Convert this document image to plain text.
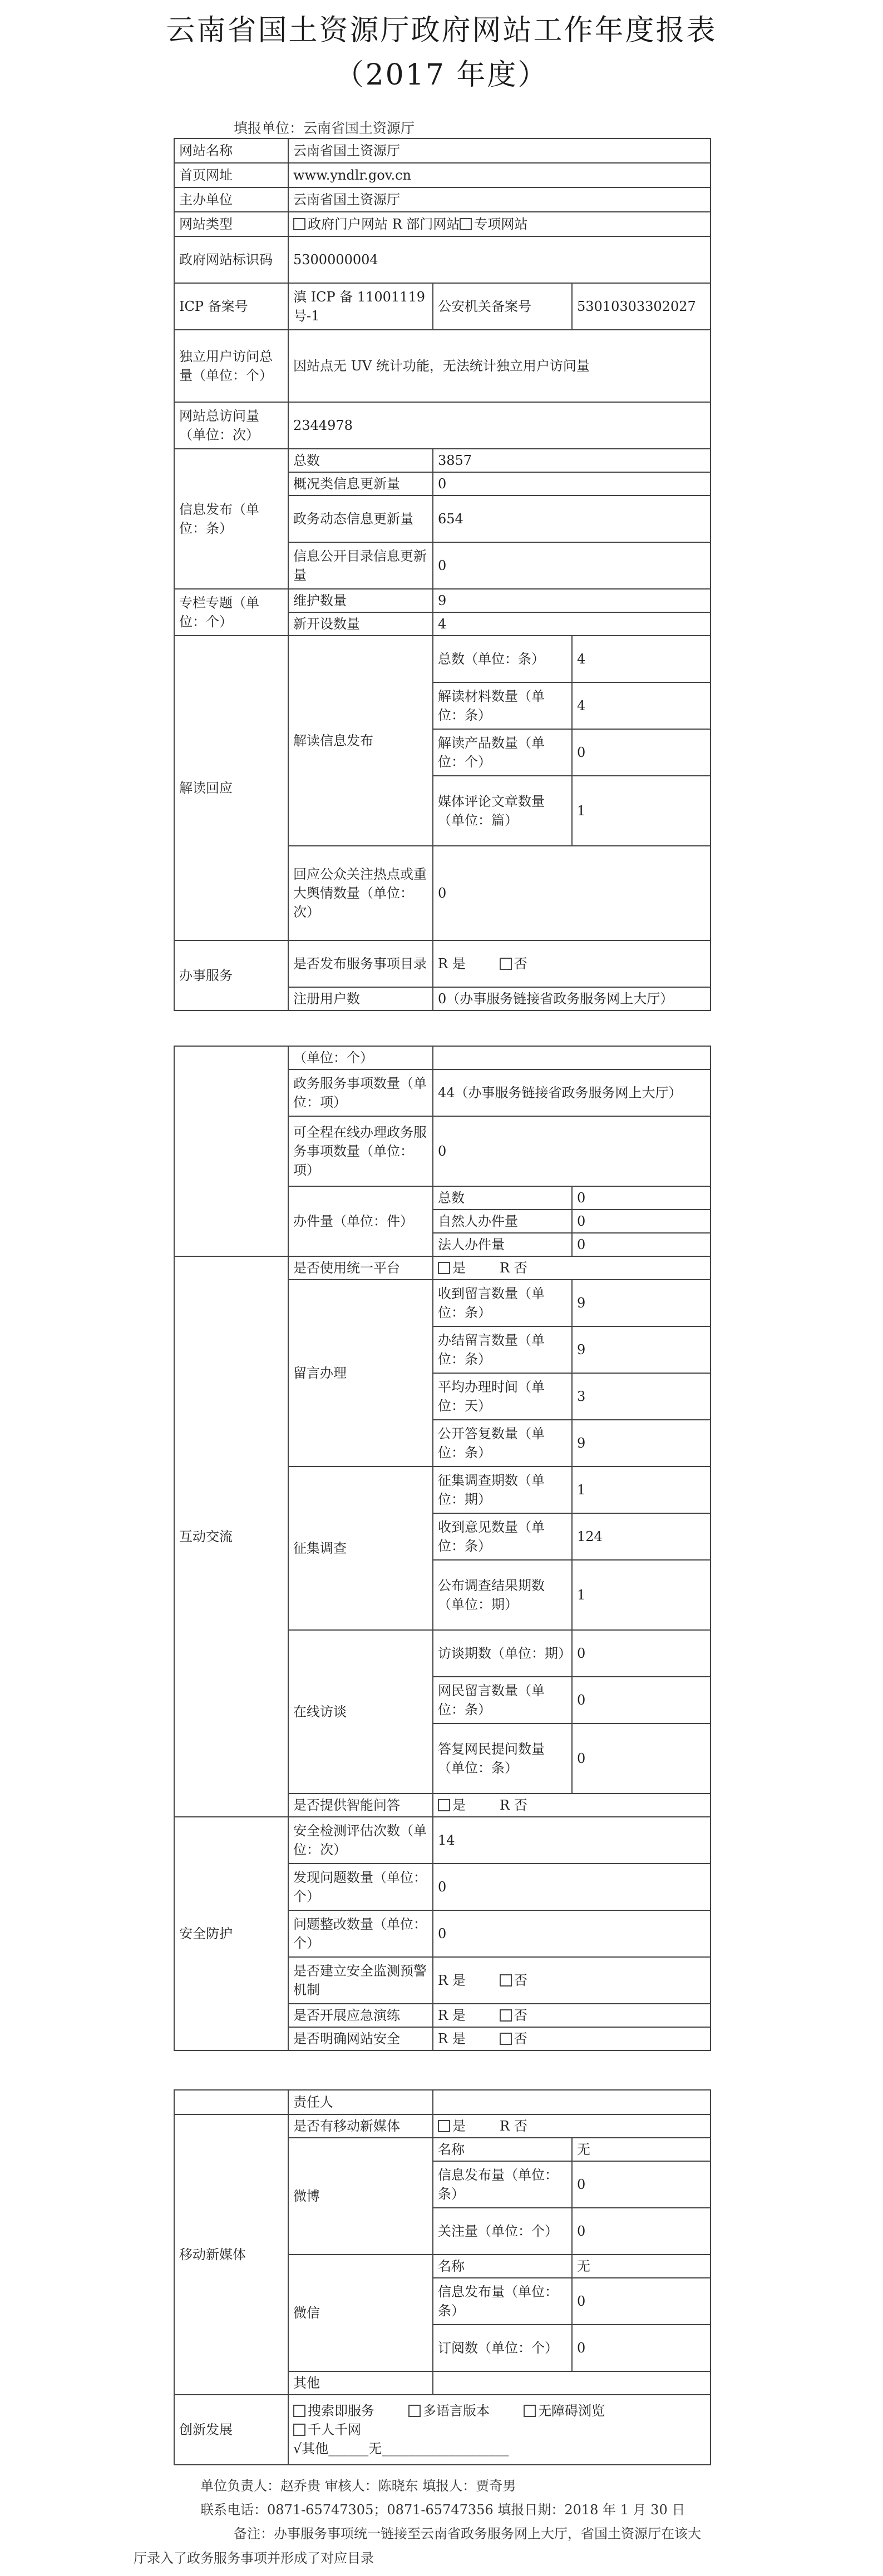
云南省国土资源厅政府网站工作年度报表
（2017 年度）
填报单位：云南省国土资源厅
网站名称	云南省国土资源厅		
首页网址	www.yndlr.gov.cn		
主办单位	云南省国土资源厅		
网站类型	政府门户网站 R 部门网站 专项网站		
政府网站标识码	5300000004		
ICP 备案号	滇 ICP 备 11001119 号-1	公安机关备案号	53010303302027
独立用户访问总量（单位：个）	因站点无 UV 统计功能，无法统计独立用户访问量		
网站总访问量（单位：次）	2344978		
信息发布（单位：条）	总数	3857	
	概况类信息更新量	0	
	政务动态信息更新量	654	
	信息公开目录信息更新量	0	
专栏专题（单位：个）	维护数量	9	
	新开设数量	4	
解读回应	解读信息发布	总数（单位：条）	4
		解读材料数量（单位：条）	4
		解读产品数量（单位：个）	0
		媒体评论文章数量（单位：篇）	1
	回应公众关注热点或重大舆情数量（单位：次）	0	
办事服务	是否发布服务事项目录	R 是 否	
	注册用户数	0（办事服务链接省政务服务网上大厅）	
	（单位：个）		
	政务服务事项数量（单位：项）	44（办事服务链接省政务服务网上大厅）	
	可全程在线办理政务服务事项数量（单位：项）	0	
	办件量（单位：件）	总数	0
		自然人办件量	0
		法人办件量	0
互动交流	是否使用统一平台	是 R 否	
	留言办理	收到留言数量（单位：条）	9
		办结留言数量（单位：条）	9
		平均办理时间（单位：天）	3
		公开答复数量（单位：条）	9
	征集调查	征集调查期数（单位：期）	1
		收到意见数量（单位：条）	124
		公布调查结果期数（单位：期）	1
	在线访谈	访谈期数（单位：期）	0
		网民留言数量（单位：条）	0
		答复网民提问数量（单位：条）	0
	是否提供智能问答	是 R 否	

安全防护	安全检测评估次数（单位：次）	14	
	发现问题数量（单位：个）	0	
	问题整改数量（单位：个）	0	
	是否建立安全监测预警机制	R 是 否	
	是否开展应急演练	R 是 否	
	是否明确网站安全	R 是 否	
	责任人		
移动新媒体	是否有移动新媒体	是 R 否	
	微博	名称	无
		信息发布量（单位：条）	0
		关注量（单位：个）	0
	微信	名称	无
		信息发布量（单位：条）	0
		订阅数（单位：个）	0
	其他		

创新发展	搜索即服务 多语言版本 无障碍浏览
千人千网
√其他______无___________________		
单位负责人：赵乔贵 审核人：陈晓东 填报人：贾奇男
联系电话：0871-65747305；0871-65747356 填报日期：2018 年 1 月 30 日
备注：办事服务事项统一链接至云南省政务服务网上大厅，省国土资源厅在该大
厅录入了政务服务事项并形成了对应目录
